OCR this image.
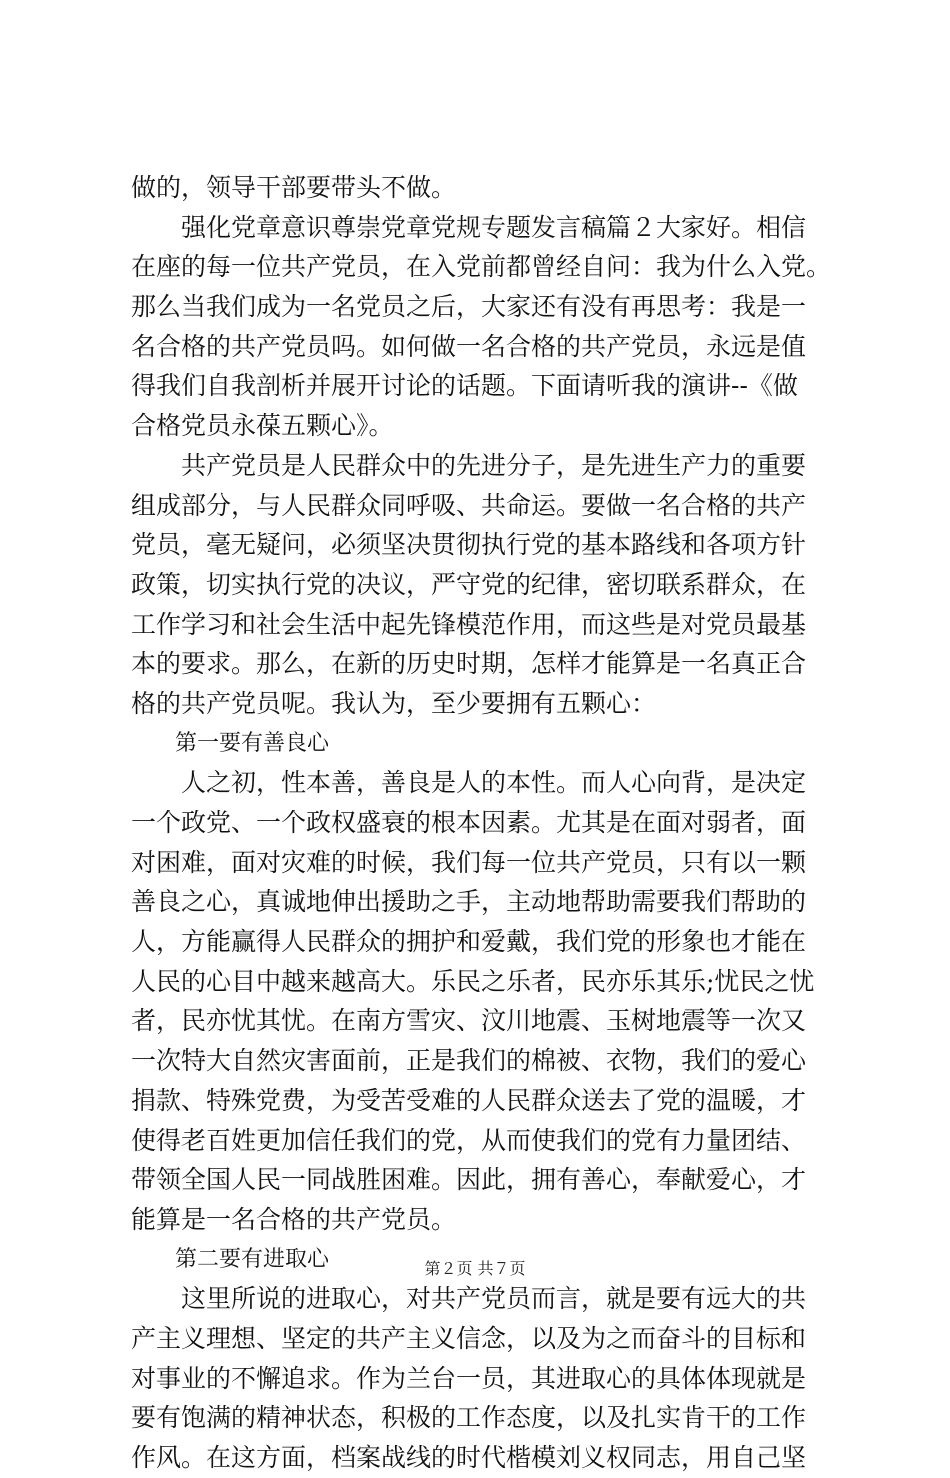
做的，领导干部要带头不做。
　　强化党章意识尊崇党章党规专题发言稿篇２大家好。相信
在座的每一位共产党员，在入党前都曾经自问：我为什么入党。
那么当我们成为一名党员之后，大家还有没有再思考：我是一
名合格的共产党员吗。如何做一名合格的共产党员，永远是值
得我们自我剖析并展开讨论的话题。下面请听我的演讲--《做
合格党员永葆五颗心》。
　　共产党员是人民群众中的先进分子，是先进生产力的重要
组成部分，与人民群众同呼吸、共命运。要做一名合格的共产
党员，毫无疑问，必须坚决贯彻执行党的基本路线和各项方针
政策，切实执行党的决议，严守党的纪律，密切联系群众，在
工作学习和社会生活中起先锋模范作用，而这些是对党员最基
本的要求。那么，在新的历史时期，怎样才能算是一名真正合
格的共产党员呢。我认为，至少要拥有五颗心：
　　第一要有善良心
　　人之初，性本善，善良是人的本性。而人心向背，是决定
一个政党、一个政权盛衰的根本因素。尤其是在面对弱者，面
对困难，面对灾难的时候，我们每一位共产党员，只有以一颗
善良之心，真诚地伸出援助之手，主动地帮助需要我们帮助的
人，方能赢得人民群众的拥护和爱戴，我们党的形象也才能在
人民的心目中越来越高大。乐民之乐者，民亦乐其乐;忧民之忧
者，民亦忧其忧。在南方雪灾、汶川地震、玉树地震等一次又
一次特大自然灾害面前，正是我们的棉被、衣物，我们的爱心
捐款、特殊党费，为受苦受难的人民群众送去了党的温暖，才
使得老百姓更加信任我们的党，从而使我们的党有力量团结、
带领全国人民一同战胜困难。因此，拥有善心，奉献爱心，才
能算是一名合格的共产党员。
　　第二要有进取心
　　这里所说的进取心，对共产党员而言，就是要有远大的共
产主义理想、坚定的共产主义信念，以及为之而奋斗的目标和
对事业的不懈追求。作为兰台一员，其进取心的具体体现就是
要有饱满的精神状态，积极的工作态度，以及扎实肯干的工作
作风。在这方面，档案战线的时代楷模刘义权同志，用自己坚
第２页 共７页
